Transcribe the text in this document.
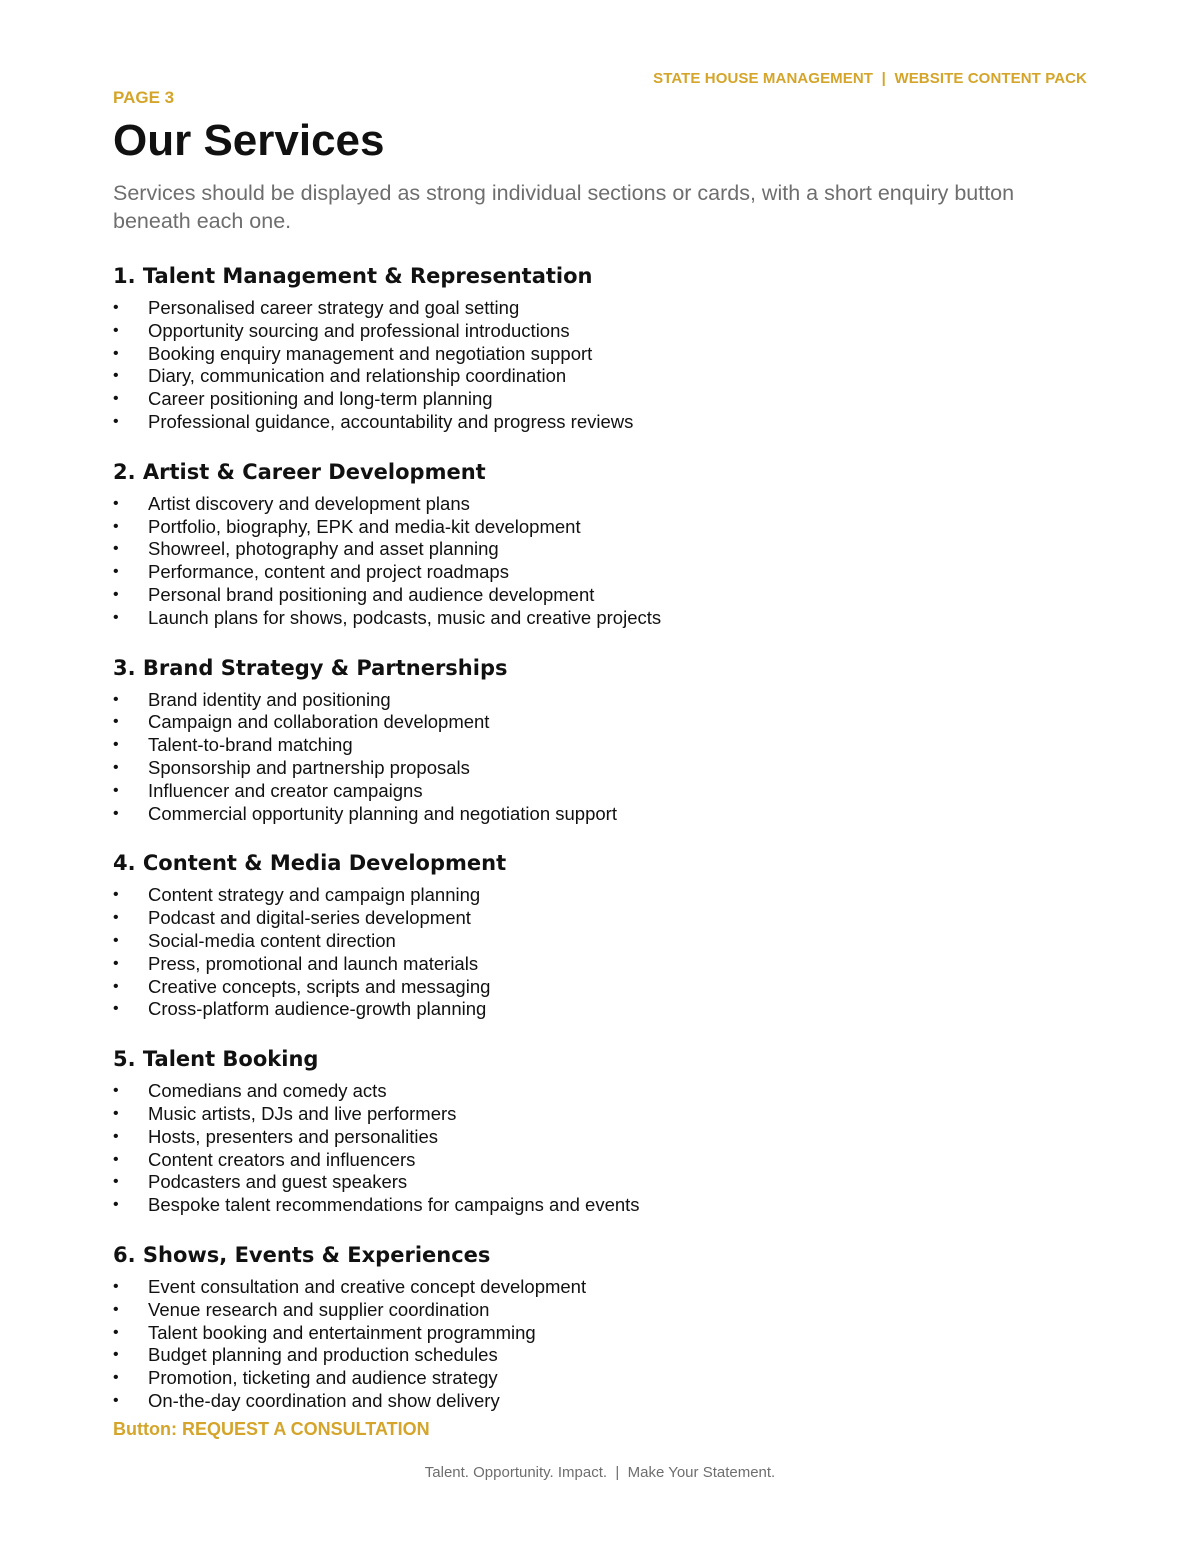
STATE HOUSE MANAGEMENT  |  WEBSITE CONTENT PACK

PAGE 3

Our Services

Services should be displayed as strong individual sections or cards, with a short enquiry button beneath each one.

1. Talent Management & Representation
• Personalised career strategy and goal setting
• Opportunity sourcing and professional introductions
• Booking enquiry management and negotiation support
• Diary, communication and relationship coordination
• Career positioning and long-term planning
• Professional guidance, accountability and progress reviews
2. Artist & Career Development
• Artist discovery and development plans
• Portfolio, biography, EPK and media-kit development
• Showreel, photography and asset planning
• Performance, content and project roadmaps
• Personal brand positioning and audience development
• Launch plans for shows, podcasts, music and creative projects
3. Brand Strategy & Partnerships
• Brand identity and positioning
• Campaign and collaboration development
• Talent-to-brand matching
• Sponsorship and partnership proposals
• Influencer and creator campaigns
• Commercial opportunity planning and negotiation support
4. Content & Media Development
• Content strategy and campaign planning
• Podcast and digital-series development
• Social-media content direction
• Press, promotional and launch materials
• Creative concepts, scripts and messaging
• Cross-platform audience-growth planning
5. Talent Booking
• Comedians and comedy acts
• Music artists, DJs and live performers
• Hosts, presenters and personalities
• Content creators and influencers
• Podcasters and guest speakers
• Bespoke talent recommendations for campaigns and events
6. Shows, Events & Experiences
• Event consultation and creative concept development
• Venue research and supplier coordination
• Talent booking and entertainment programming
• Budget planning and production schedules
• Promotion, ticketing and audience strategy
• On-the-day coordination and show delivery
Button: REQUEST A CONSULTATION
Talent. Opportunity. Impact.  |  Make Your Statement.
